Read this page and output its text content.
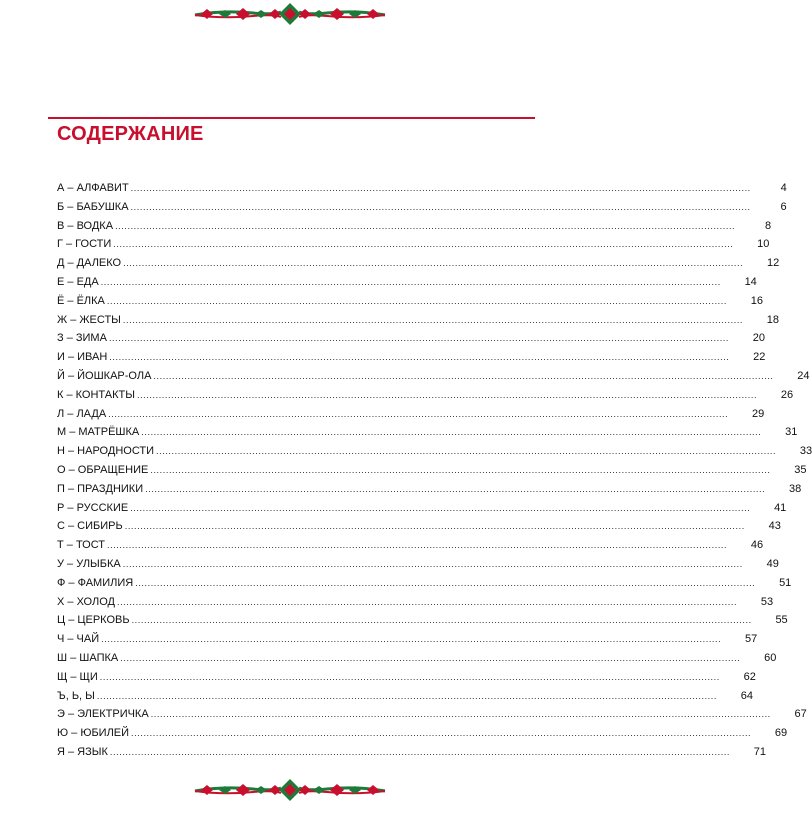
СОДЕРЖАНИЕ
А – АЛФАВИТ ........................................................................................................................................................................................................	4
Б – БАБУШКА ........................................................................................................................................................................................................	6
В – ВОДКА ........................................................................................................................................................................................................	8
Г – ГОСТИ ........................................................................................................................................................................................................	10
Д – ДАЛЕКО ........................................................................................................................................................................................................	12
Е – ЕДА ........................................................................................................................................................................................................	14
Ё – ЁЛКА ........................................................................................................................................................................................................	16
Ж – ЖЕСТЫ ........................................................................................................................................................................................................	18
З – ЗИМА ........................................................................................................................................................................................................	20
И – ИВАН ........................................................................................................................................................................................................	22
Й – ЙОШКАР-ОЛА ........................................................................................................................................................................................................	24
К – КОНТАКТЫ ........................................................................................................................................................................................................	26
Л – ЛАДА ........................................................................................................................................................................................................	29
М – МАТРЁШКА ........................................................................................................................................................................................................	31
Н – НАРОДНОСТИ ........................................................................................................................................................................................................	33
О – ОБРАЩЕНИЕ ........................................................................................................................................................................................................	35
П – ПРАЗДНИКИ ........................................................................................................................................................................................................	38
Р – РУССКИЕ ........................................................................................................................................................................................................	41
С – СИБИРЬ ........................................................................................................................................................................................................	43
Т – ТОСТ ........................................................................................................................................................................................................	46
У – УЛЫБКА ........................................................................................................................................................................................................	49
Ф – ФАМИЛИЯ ........................................................................................................................................................................................................	51
Х – ХОЛОД ........................................................................................................................................................................................................	53
Ц – ЦЕРКОВЬ ........................................................................................................................................................................................................	55
Ч – ЧАЙ ........................................................................................................................................................................................................	57
Ш – ШАПКА ........................................................................................................................................................................................................	60
Щ – ЩИ ........................................................................................................................................................................................................	62
Ъ, Ь, Ы ........................................................................................................................................................................................................	64
Э – ЭЛЕКТРИЧКА ........................................................................................................................................................................................................	67
Ю – ЮБИЛЕЙ ........................................................................................................................................................................................................	69
Я – ЯЗЫК ........................................................................................................................................................................................................	71
